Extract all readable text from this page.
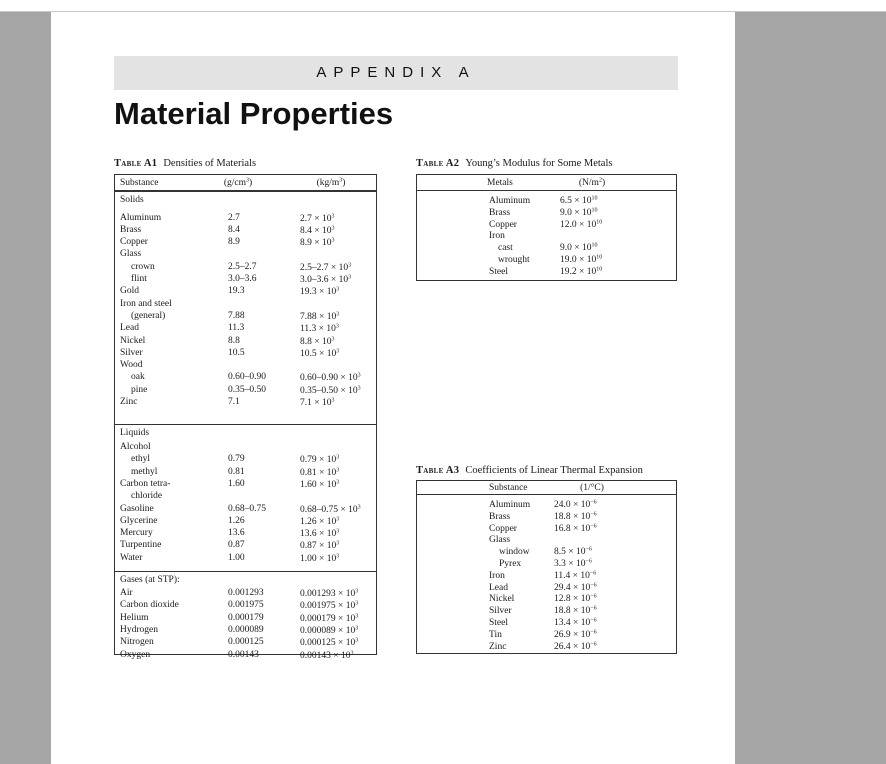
APPENDIX A
Material Properties
Table A1 Densities of Materials
Substance	$(g/cm^3)$	$(kg/m^3)$
Solids
Aluminum	2.7	$2.7 \times 10^3$
Brass	8.4	$8.4 \times 10^3$
Copper	8.9	$8.9 \times 10^3$
Glass
crown	2.5–2.7	$2.5-2.7 \times 10^3$
flint	3.0–3.6	$3.0-3.6 \times 10^3$
Gold	19.3	$19.3 \times 10^3$
Iron and steel
(general)	7.88	$7.88 \times 10^3$
Lead	11.3	$11.3 \times 10^3$
Nickel	8.8	$8.8 \times 10^3$
Silver	10.5	$10.5 \times 10^3$
Wood
oak	0.60–0.90	$0.60-0.90 \times 10^3$
pine	0.35–0.50	$0.35-0.50 \times 10^3$
Zinc	7.1	$7.1 \times 10^3$
Liquids
Alcohol
ethyl	0.79	$0.79 \times 10^3$
methyl	0.81	$0.81 \times 10^3$
Carbon tetra-	1.60	$1.60 \times 10^3$
chloride
Gasoline	0.68–0.75	$0.68-0.75 \times 10^3$
Glycerine	1.26	$1.26 \times 10^3$
Mercury	13.6	$13.6 \times 10^3$
Turpentine	0.87	$0.87 \times 10^3$
Water	1.00	$1.00 \times 10^3$
Gases (at STP):
Air	0.001293	$0.001293 \times 10^3$
Carbon dioxide	0.001975	$0.001975 \times 10^3$
Helium	0.000179	$0.000179 \times 10^3$
Hydrogen	0.000089	$0.000089 \times 10^3$
Nitrogen	0.000125	$0.000125 \times 10^3$
Oxygen	0.00143	$0.00143 \times 10^3$
Table A2 Young’s Modulus for Some Metals
Metals	$(N/m^2)$
Aluminum	$6.5 \times 10^{10}$
Brass	$9.0 \times 10^{10}$
Copper	$12.0 \times 10^{10}$
Iron
cast	$9.0 \times 10^{10}$
wrought	$19.0 \times 10^{10}$
Steel	$19.2 \times 10^{10}$
Table A3 Coefficients of Linear Thermal Expansion
Substance	(1/°C)
Aluminum	$24.0 \times 10^{-6}$
Brass	$18.8 \times 10^{-6}$
Copper	$16.8 \times 10^{-6}$
Glass
window	$8.5 \times 10^{-6}$
Pyrex	$3.3 \times 10^{-6}$
Iron	$11.4 \times 10^{-6}$
Lead	$29.4 \times 10^{-6}$
Nickel	$12.8 \times 10^{-6}$
Silver	$18.8 \times 10^{-6}$
Steel	$13.4 \times 10^{-6}$
Tin	$26.9 \times 10^{-6}$
Zinc	$26.4 \times 10^{-6}$
